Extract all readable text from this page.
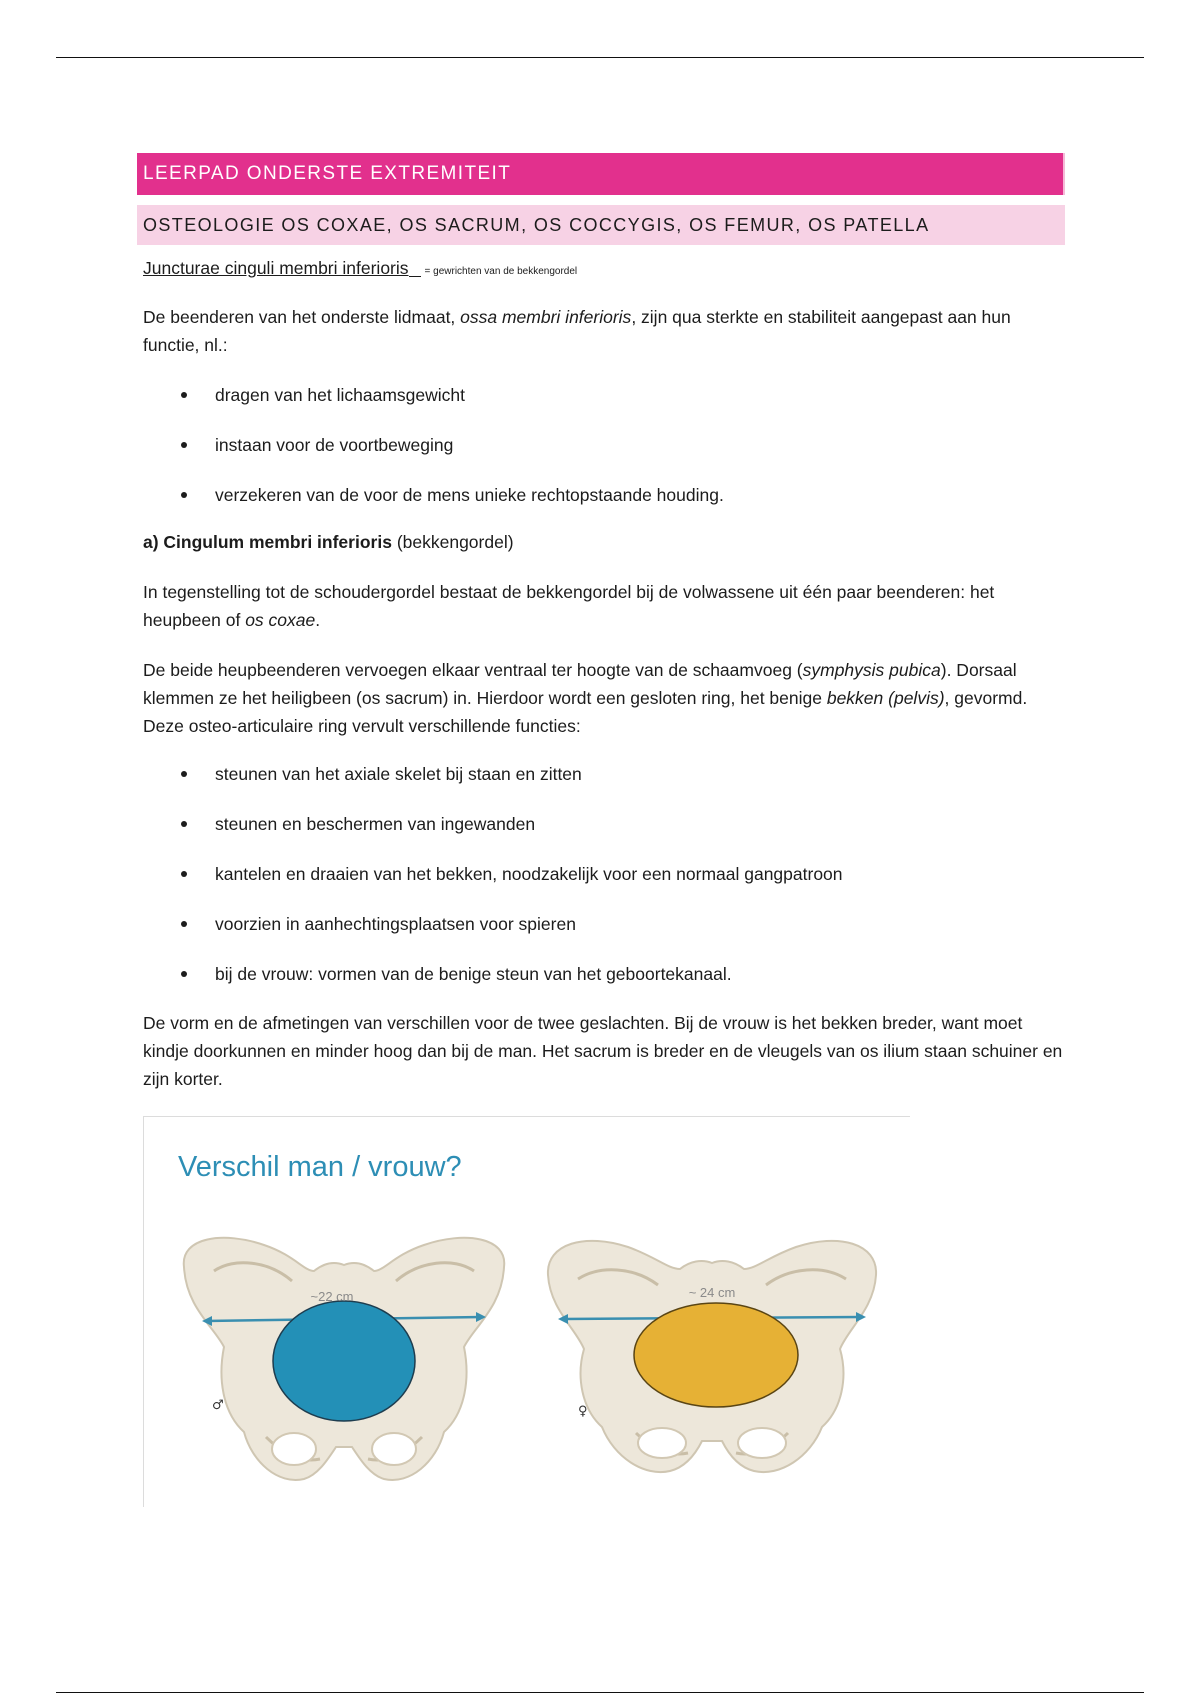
LEERPAD ONDERSTE EXTREMITEIT
OSTEOLOGIE OS COXAE, OS SACRUM, OS COCCYGIS, OS FEMUR, OS PATELLA
Juncturae cinguli membri inferioris = gewrichten van de bekkengordel

De beenderen van het onderste lidmaat, ossa membri inferioris, zijn qua sterkte en stabiliteit aangepast aan hun functie, nl.:

dragen van het lichaamsgewicht
instaan voor de voortbeweging
verzekeren van de voor de mens unieke rechtopstaande houding.

a) Cingulum membri inferioris (bekkengordel)

In tegenstelling tot de schoudergordel bestaat de bekkengordel bij de volwassene uit één paar beenderen: het heupbeen of os coxae.

De beide heupbeenderen vervoegen elkaar ventraal ter hoogte van de schaamvoeg (symphysis pubica). Dorsaal klemmen ze het heiligbeen (os sacrum) in. Hierdoor wordt een gesloten ring, het benige bekken (pelvis), gevormd. Deze osteo-articulaire ring vervult verschillende functies:

steunen van het axiale skelet bij staan en zitten
steunen en beschermen van ingewanden
kantelen en draaien van het bekken, noodzakelijk voor een normaal gangpatroon
voorzien in aanhechtingsplaatsen voor spieren
bij de vrouw: vormen van de benige steun van het geboortekanaal.

De vorm en de afmetingen van verschillen voor de twee geslachten. Bij de vrouw is het bekken breder, want moet kindje doorkunnen en minder hoog dan bij de man. Het sacrum is breder en de vleugels van os ilium staan schuiner en zijn korter.

Verschil man / vrouw?
~22 cm
♂
~ 24 cm
♀
